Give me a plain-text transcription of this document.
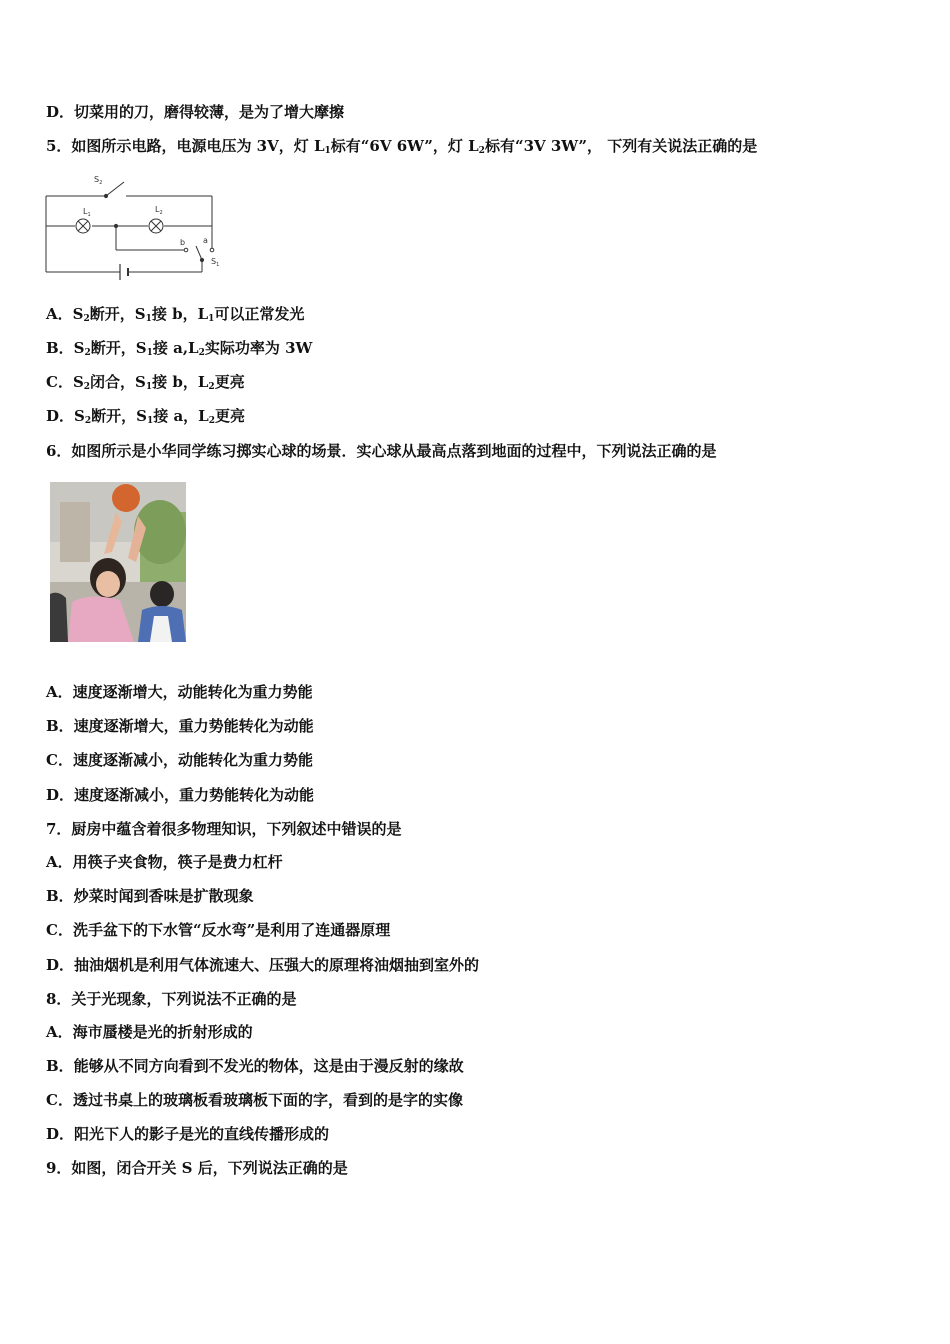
D．切菜用的刀，磨得较薄，是为了增大摩擦
5．如图所示电路，电源电压为 3V，灯 $L_1$标有“6V 6W”，灯 $L_2$标有“3V 3W”， 下列有关说法正确的是
$S_2$
$L_1$
$L_2$
b a
$S_1$
A．$S_2$断开，$S_1$接 b，$L_1$可以正常发光
B．$S_2$断开，$S_1$接 $a,L_2$实际功率为 3W
C．$S_2$闭合，$S_1$接 b，$L_2$更亮
D．$S_2$断开，$S_1$接 a，$L_2$更亮
6．如图所示是小华同学练习掷实心球的场景．实心球从最高点落到地面的过程中，下列说法正确的是
A．速度逐渐增大，动能转化为重力势能
B．速度逐渐增大，重力势能转化为动能
C．速度逐渐减小，动能转化为重力势能
D．速度逐渐减小，重力势能转化为动能
7．厨房中蕴含着很多物理知识，下列叙述中错误的是
A．用筷子夹食物，筷子是费力杠杆
B．炒菜时闻到香味是扩散现象
C．洗手盆下的下水管“反水弯”是利用了连通器原理
D．抽油烟机是利用气体流速大、压强大的原理将油烟抽到室外的
8．关于光现象，下列说法不正确的是
A．海市蜃楼是光的折射形成的
B．能够从不同方向看到不发光的物体，这是由于漫反射的缘故
C．透过书桌上的玻璃板看玻璃板下面的字，看到的是字的实像
D．阳光下人的影子是光的直线传播形成的
9．如图，闭合开关 S 后，下列说法正确的是
